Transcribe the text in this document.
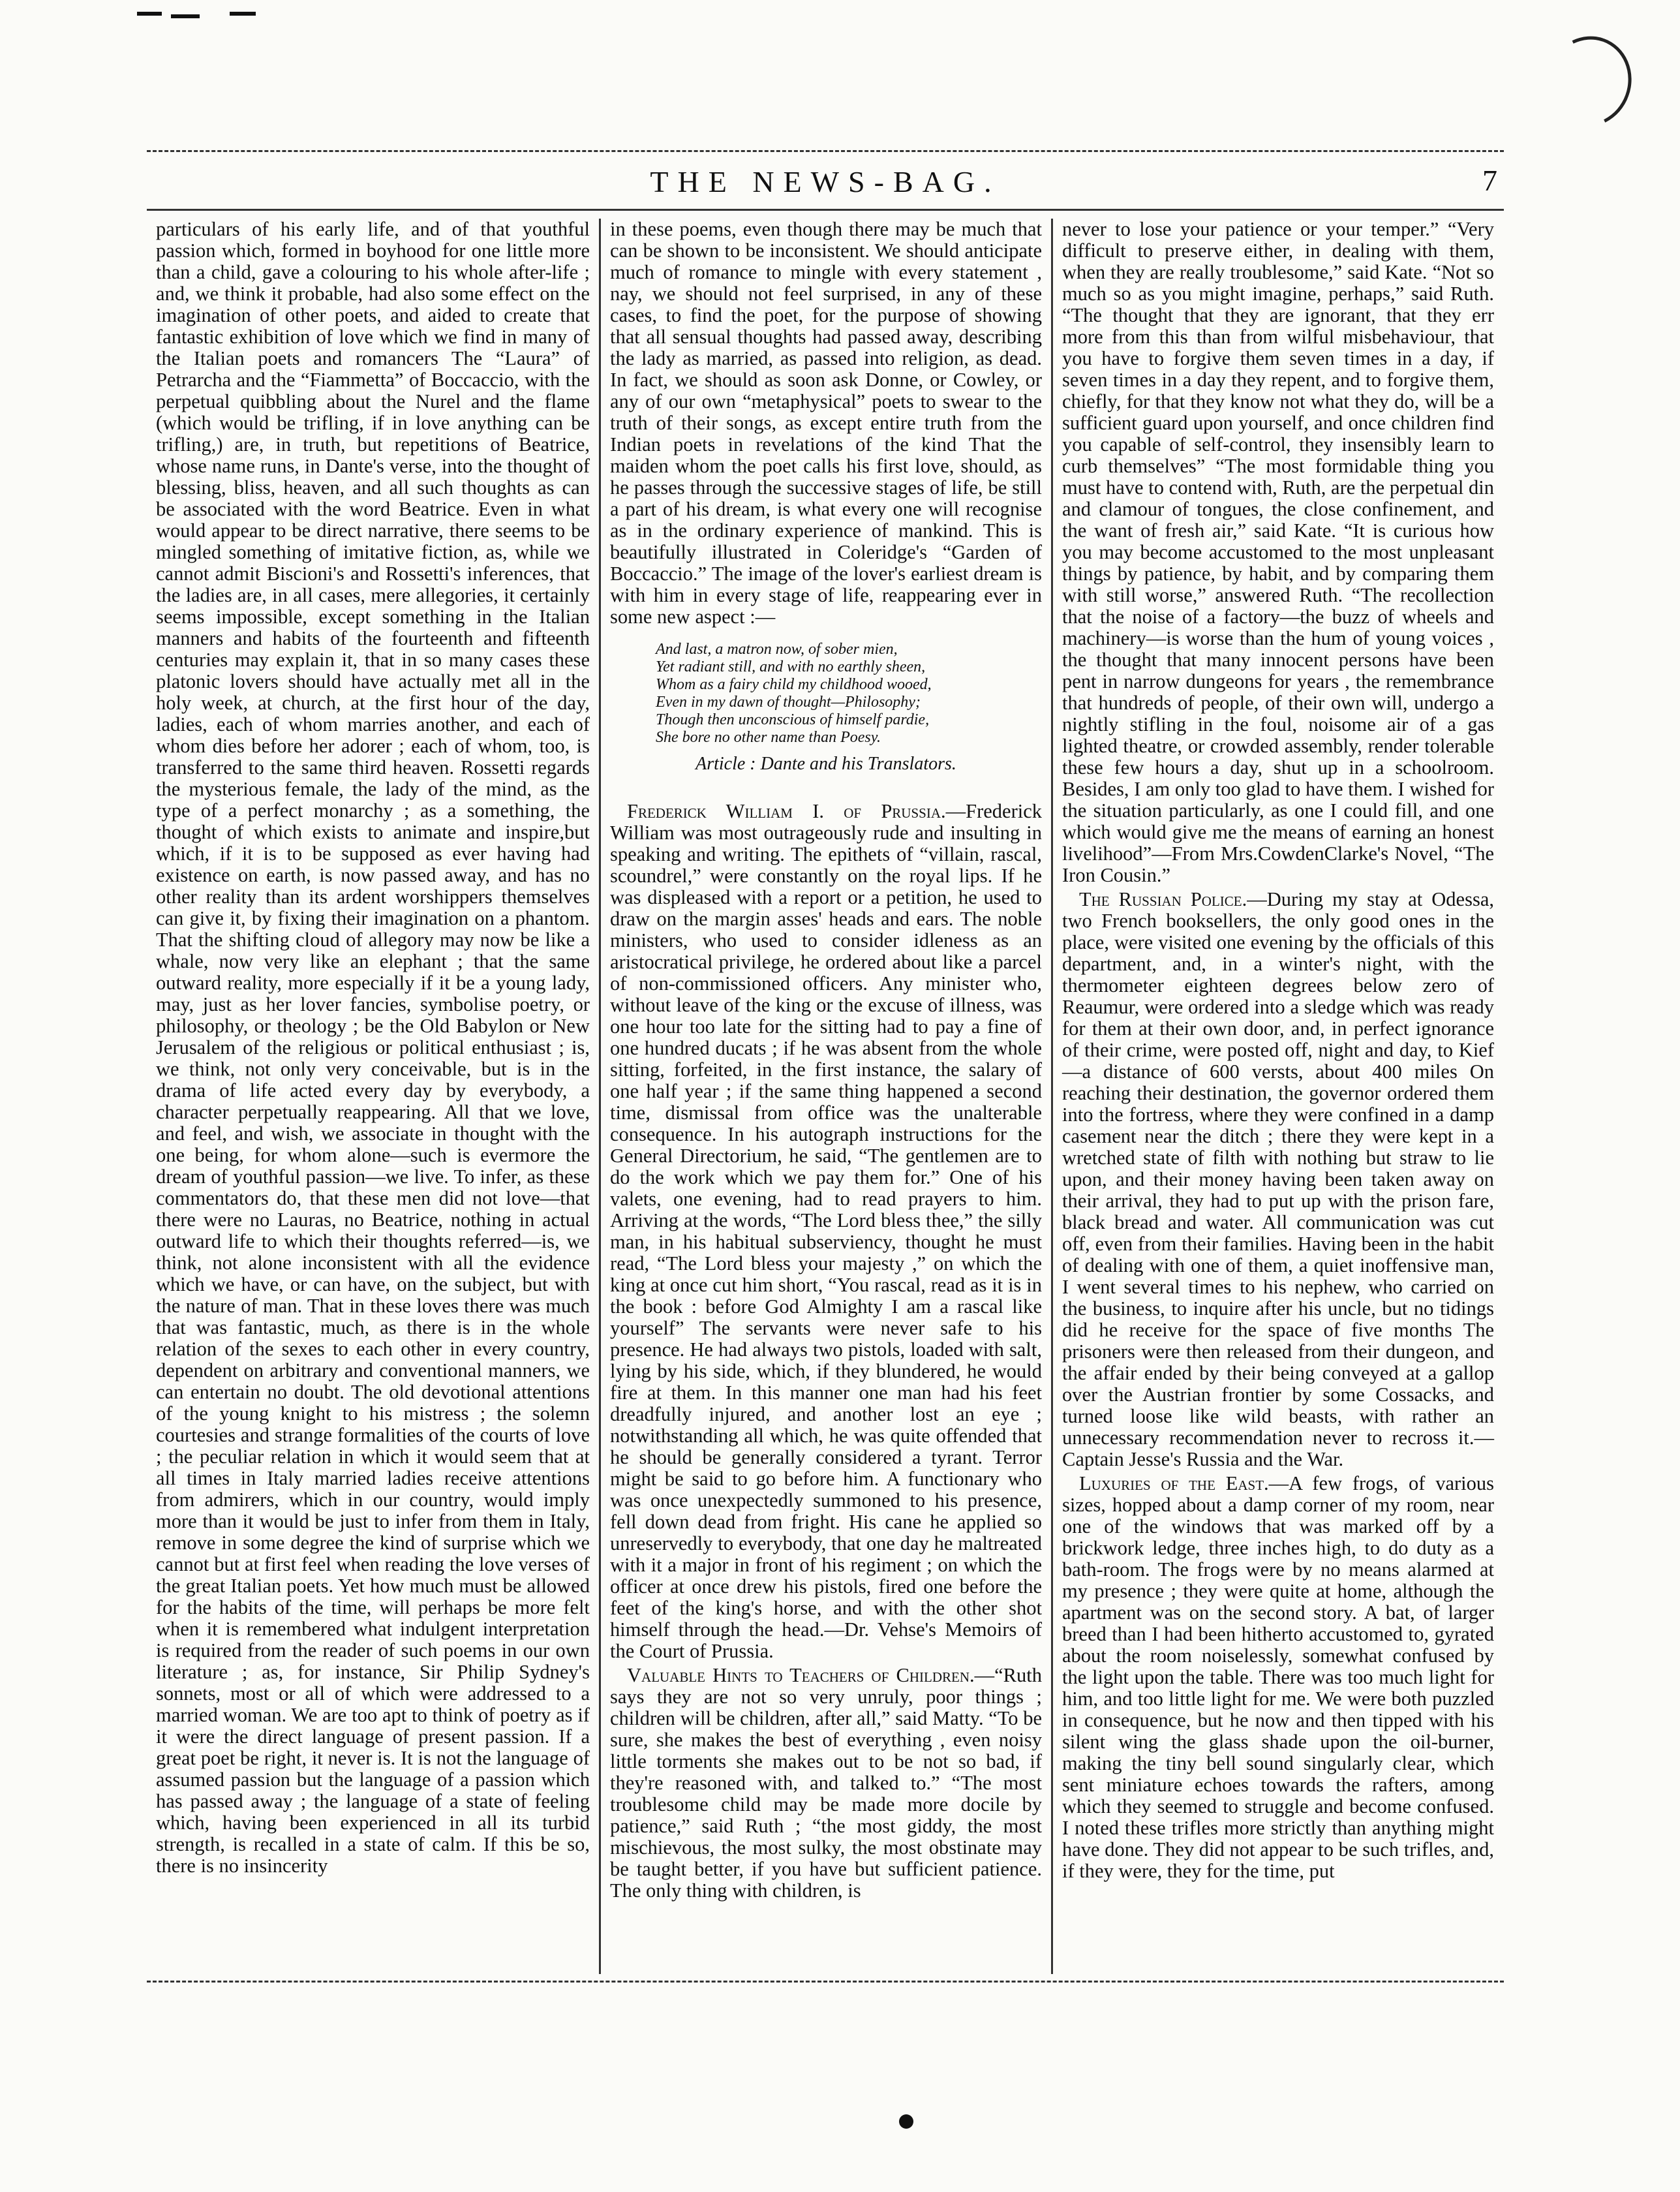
THE NEWS-BAG.	7

particulars of his early life, and of that youthful passion which, formed in boyhood for one little more than a child, gave a colouring to his whole after-life ; and, we think it probable, had also some effect on the imagination of other poets, and aided to create that fantastic exhibition of love which we find in many of the Italian poets and romancers The “Laura” of Petrarcha and the “Fiammetta” of Boccaccio, with the perpetual quibbling about the Nurel and the flame (which would be trifling, if in love anything can be trifling,) are, in truth, but repetitions of Beatrice, whose name runs, in Dante's verse, into the thought of blessing, bliss, heaven, and all such thoughts as can be associated with the word Beatrice. Even in what would appear to be direct narrative, there seems to be mingled something of imitative fiction, as, while we cannot admit Biscioni's and Rossetti's inferences, that the ladies are, in all cases, mere allegories, it certainly seems impossible, except something in the Italian manners and habits of the fourteenth and fifteenth centuries may explain it, that in so many cases these platonic lovers should have actually met all in the holy week, at church, at the first hour of the day, ladies, each of whom marries another, and each of whom dies before her adorer ; each of whom, too, is transferred to the same third heaven. Rossetti regards the mysterious female, the lady of the mind, as the type of a perfect monarchy ; as a something, the thought of which exists to animate and inspire,but which, if it is to be supposed as ever having had existence on earth, is now passed away, and has no other reality than its ardent worshippers themselves can give it, by fixing their imagination on a phantom. That the shifting cloud of allegory may now be like a whale, now very like an elephant ; that the same outward reality, more especially if it be a young lady, may, just as her lover fancies, symbolise poetry, or philosophy, or theology ; be the Old Babylon or New Jerusalem of the religious or political enthusiast ; is, we think, not only very conceivable, but is in the drama of life acted every day by everybody, a character perpetually reappearing. All that we love, and feel, and wish, we associate in thought with the one being, for whom alone—such is evermore the dream of youthful passion—we live. To infer, as these commentators do, that these men did not love—that there were no Lauras, no Beatrice, nothing in actual outward life to which their thoughts referred—is, we think, not alone inconsistent with all the evidence which we have, or can have, on the subject, but with the nature of man. That in these loves there was much that was fantastic, much, as there is in the whole relation of the sexes to each other in every country, dependent on arbitrary and conventional manners, we can entertain no doubt. The old devotional attentions of the young knight to his mistress ; the solemn courtesies and strange formalities of the courts of love ; the peculiar relation in which it would seem that at all times in Italy married ladies receive attentions from admirers, which in our country, would imply more than it would be just to infer from them in Italy, remove in some degree the kind of surprise which we cannot but at first feel when reading the love verses of the great Italian poets. Yet how much must be allowed for the habits of the time, will perhaps be more felt when it is remembered what indulgent interpretation is required from the reader of such poems in our own literature ; as, for instance, Sir Philip Sydney's sonnets, most or all of which were addressed to a married woman. We are too apt to think of poetry as if it were the direct language of present passion. If a great poet be right, it never is. It is not the language of assumed passion but the language of a passion which has passed away ; the language of a state of feeling which, having been experienced in all its turbid strength, is recalled in a state of calm. If this be so, there is no insincerity

in these poems, even though there may be much that can be shown to be inconsistent. We should anticipate much of romance to mingle with every statement , nay, we should not feel surprised, in any of these cases, to find the poet, for the purpose of showing that all sensual thoughts had passed away, describing the lady as married, as passed into religion, as dead. In fact, we should as soon ask Donne, or Cowley, or any of our own “metaphysical” poets to swear to the truth of their songs, as except entire truth from the Indian poets in revelations of the kind That the maiden whom the poet calls his first love, should, as he passes through the successive stages of life, be still a part of his dream, is what every one will recognise as in the ordinary experience of mankind. This is beautifully illustrated in Coleridge's “Garden of Boccaccio.” The image of the lover's earliest dream is with him in every stage of life, reappearing ever in some new aspect :—

And last, a matron now, of sober mien,
Yet radiant still, and with no earthly sheen,
Whom as a fairy child my childhood wooed,
Even in my dawn of thought—Philosophy;
Though then unconscious of himself pardie,
She bore no other name than Poesy.
Article : Dante and his Translators.

Frederick William I. of Prussia.—Frederick William was most outrageously rude and insulting in speaking and writing. The epithets of “villain, rascal, scoundrel,” were constantly on the royal lips. If he was displeased with a report or a petition, he used to draw on the margin asses' heads and ears. The noble ministers, who used to consider idleness as an aristocratical privilege, he ordered about like a parcel of non-commissioned officers. Any minister who, without leave of the king or the excuse of illness, was one hour too late for the sitting had to pay a fine of one hundred ducats ; if he was absent from the whole sitting, forfeited, in the first instance, the salary of one half year ; if the same thing happened a second time, dismissal from office was the unalterable consequence. In his autograph instructions for the General Directorium, he said, “The gentlemen are to do the work which we pay them for.” One of his valets, one evening, had to read prayers to him. Arriving at the words, “The Lord bless thee,” the silly man, in his habitual subserviency, thought he must read, “The Lord bless your majesty ,” on which the king at once cut him short, “You rascal, read as it is in the book : before God Almighty I am a rascal like yourself” The servants were never safe to his presence. He had always two pistols, loaded with salt, lying by his side, which, if they blundered, he would fire at them. In this manner one man had his feet dreadfully injured, and another lost an eye ; notwithstanding all which, he was quite offended that he should be generally considered a tyrant. Terror might be said to go before him. A functionary who was once unexpectedly summoned to his presence, fell down dead from fright. His cane he applied so unreservedly to everybody, that one day he maltreated with it a major in front of his regiment ; on which the officer at once drew his pistols, fired one before the feet of the king's horse, and with the other shot himself through the head.—Dr. Vehse's Memoirs of the Court of Prussia.

Valuable Hints to Teachers of Children.—“Ruth says they are not so very unruly, poor things ; children will be children, after all,” said Matty. “To be sure, she makes the best of everything , even noisy little torments she makes out to be not so bad, if they're reasoned with, and talked to.” “The most troublesome child may be made more docile by patience,” said Ruth ; “the most giddy, the most mischievous, the most sulky, the most obstinate may be taught better, if you have but sufficient patience. The only thing with children, is

never to lose your patience or your temper.” “Very difficult to preserve either, in dealing with them, when they are really troublesome,” said Kate. “Not so much so as you might imagine, perhaps,” said Ruth. “The thought that they are ignorant, that they err more from this than from wilful misbehaviour, that you have to forgive them seven times in a day, if seven times in a day they repent, and to forgive them, chiefly, for that they know not what they do, will be a sufficient guard upon yourself, and once children find you capable of self-control, they insensibly learn to curb themselves” “The most formidable thing you must have to contend with, Ruth, are the perpetual din and clamour of tongues, the close confinement, and the want of fresh air,” said Kate. “It is curious how you may become accustomed to the most unpleasant things by patience, by habit, and by comparing them with still worse,” answered Ruth. “The recollection that the noise of a factory—the buzz of wheels and machinery—is worse than the hum of young voices , the thought that many innocent persons have been pent in narrow dungeons for years , the remembrance that hundreds of people, of their own will, undergo a nightly stifling in the foul, noisome air of a gas lighted theatre, or crowded assembly, render tolerable these few hours a day, shut up in a schoolroom. Besides, I am only too glad to have them. I wished for the situation particularly, as one I could fill, and one which would give me the means of earning an honest livelihood”—From Mrs.CowdenClarke's Novel, “The Iron Cousin.”

The Russian Police.—During my stay at Odessa, two French booksellers, the only good ones in the place, were visited one evening by the officials of this department, and, in a winter's night, with the thermometer eighteen degrees below zero of Reaumur, were ordered into a sledge which was ready for them at their own door, and, in perfect ignorance of their crime, were posted off, night and day, to Kief—a distance of 600 versts, about 400 miles On reaching their destination, the governor ordered them into the fortress, where they were confined in a damp casement near the ditch ; there they were kept in a wretched state of filth with nothing but straw to lie upon, and their money having been taken away on their arrival, they had to put up with the prison fare, black bread and water. All communication was cut off, even from their families. Having been in the habit of dealing with one of them, a quiet inoffensive man, I went several times to his nephew, who carried on the business, to inquire after his uncle, but no tidings did he receive for the space of five months The prisoners were then released from their dungeon, and the affair ended by their being conveyed at a gallop over the Austrian frontier by some Cossacks, and turned loose like wild beasts, with rather an unnecessary recommendation never to recross it.—Captain Jesse's Russia and the War.

Luxuries of the East.—A few frogs, of various sizes, hopped about a damp corner of my room, near one of the windows that was marked off by a brickwork ledge, three inches high, to do duty as a bath-room. The frogs were by no means alarmed at my presence ; they were quite at home, although the apartment was on the second story. A bat, of larger breed than I had been hitherto accustomed to, gyrated about the room noiselessly, somewhat confused by the light upon the table. There was too much light for him, and too little light for me. We were both puzzled in consequence, but he now and then tipped with his silent wing the glass shade upon the oil-burner, making the tiny bell sound singularly clear, which sent miniature echoes towards the rafters, among which they seemed to struggle and become confused. I noted these trifles more strictly than anything might have done. They did not appear to be such trifles, and, if they were, they for the time, put
